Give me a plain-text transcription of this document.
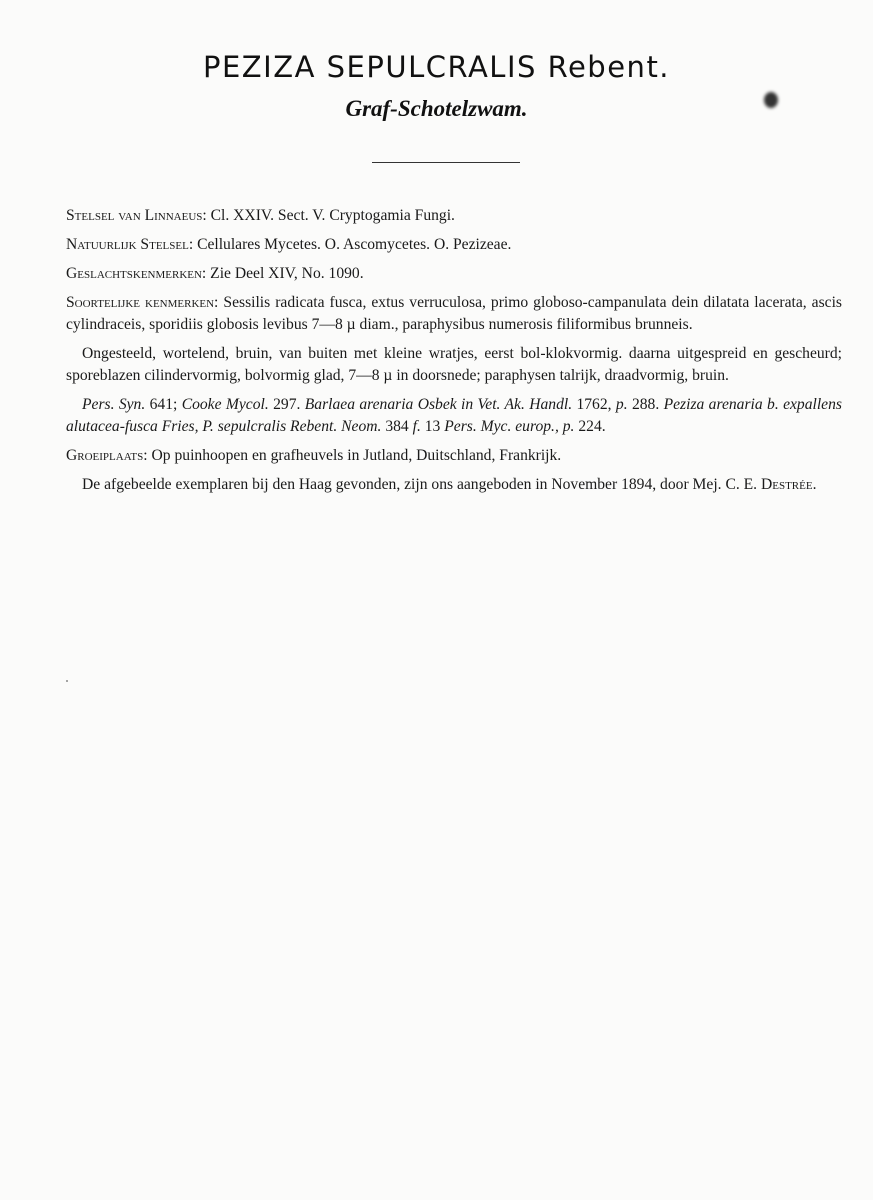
PEZIZA SEPULCRALIS Rebent.
Graf-Schotelzwam.

Stelsel van Linnaeus: Cl. XXIV. Sect. V. Cryptogamia Fungi.

Natuurlijk Stelsel: Cellulares Mycetes. O. Ascomycetes. O. Pezizeae.

Geslachtskenmerken: Zie Deel XIV, No. 1090.

Soortelijke kenmerken: Sessilis radicata fusca, extus verruculosa, primo globoso-campanulata dein dilatata lacerata, ascis cylindraceis, sporidiis globosis levibus 7—8 µ diam., paraphysibus numerosis filiformibus brunneis.

Ongesteeld, wortelend, bruin, van buiten met kleine wratjes, eerst bol-klokvormig. daarna uitgespreid en gescheurd; sporeblazen cilindervormig, bolvormig glad, 7—8 µ in doorsnede; paraphysen talrijk, draadvormig, bruin.

Pers. Syn. 641; Cooke Mycol. 297. Barlaea arenaria Osbek in Vet. Ak. Handl. 1762, p. 288. Peziza arenaria b. expallens alutacea-fusca Fries, P. sepulcralis Rebent. Neom. 384 f. 13 Pers. Myc. europ., p. 224.

Groeiplaats: Op puinhoopen en grafheuvels in Jutland, Duitschland, Frankrijk.

De afgebeelde exemplaren bij den Haag gevonden, zijn ons aangeboden in November 1894, door Mej. C. E. Destrée.
